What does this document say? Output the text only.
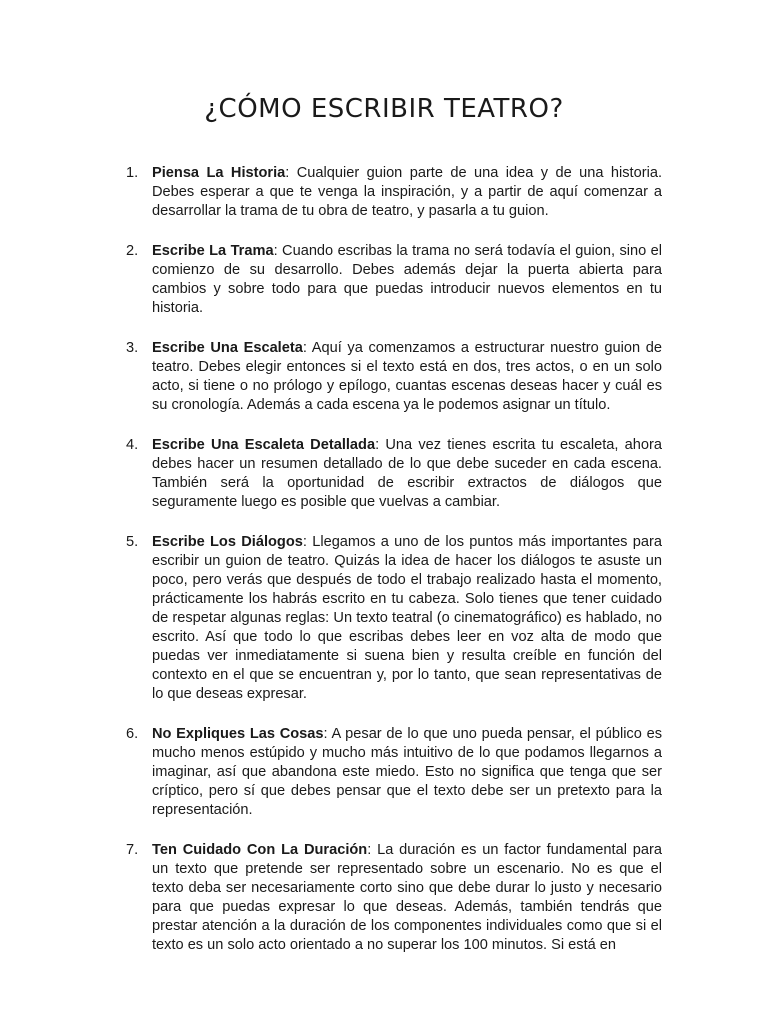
¿CÓMO ESCRIBIR TEATRO?
1. Piensa La Historia: Cualquier guion parte de una idea y de una historia. Debes esperar a que te venga la inspiración, y a partir de aquí comenzar a desarrollar la trama de tu obra de teatro, y pasarla a tu guion.
2. Escribe La Trama: Cuando escribas la trama no será todavía el guion, sino el comienzo de su desarrollo. Debes además dejar la puerta abierta para cambios y sobre todo para que puedas introducir nuevos elementos en tu historia.
3. Escribe Una Escaleta: Aquí ya comenzamos a estructurar nuestro guion de teatro. Debes elegir entonces si el texto está en dos, tres actos, o en un solo acto, si tiene o no prólogo y epílogo, cuantas escenas deseas hacer y cuál es su cronología. Además a cada escena ya le podemos asignar un título.
4. Escribe Una Escaleta Detallada: Una vez tienes escrita tu escaleta, ahora debes hacer un resumen detallado de lo que debe suceder en cada escena. También será la oportunidad de escribir extractos de diálogos que seguramente luego es posible que vuelvas a cambiar.
5. Escribe Los Diálogos: Llegamos a uno de los puntos más importantes para escribir un guion de teatro. Quizás la idea de hacer los diálogos te asuste un poco, pero verás que después de todo el trabajo realizado hasta el momento, prácticamente los habrás escrito en tu cabeza. Solo tienes que tener cuidado de respetar algunas reglas: Un texto teatral (o cinematográfico) es hablado, no escrito. Así que todo lo que escribas debes leer en voz alta de modo que puedas ver inmediatamente si suena bien y resulta creíble en función del contexto en el que se encuentran y, por lo tanto, que sean representativas de lo que deseas expresar.
6. No Expliques Las Cosas: A pesar de lo que uno pueda pensar, el público es mucho menos estúpido y mucho más intuitivo de lo que podamos llegarnos a imaginar, así que abandona este miedo. Esto no significa que tenga que ser críptico, pero sí que debes pensar que el texto debe ser un pretexto para la representación.
7. Ten Cuidado Con La Duración: La duración es un factor fundamental para un texto que pretende ser representado sobre un escenario. No es que el texto deba ser necesariamente corto sino que debe durar lo justo y necesario para que puedas expresar lo que deseas. Además, también tendrás que prestar atención a la duración de los componentes individuales como que si el texto es un solo acto orientado a no superar los 100 minutos. Si está en
